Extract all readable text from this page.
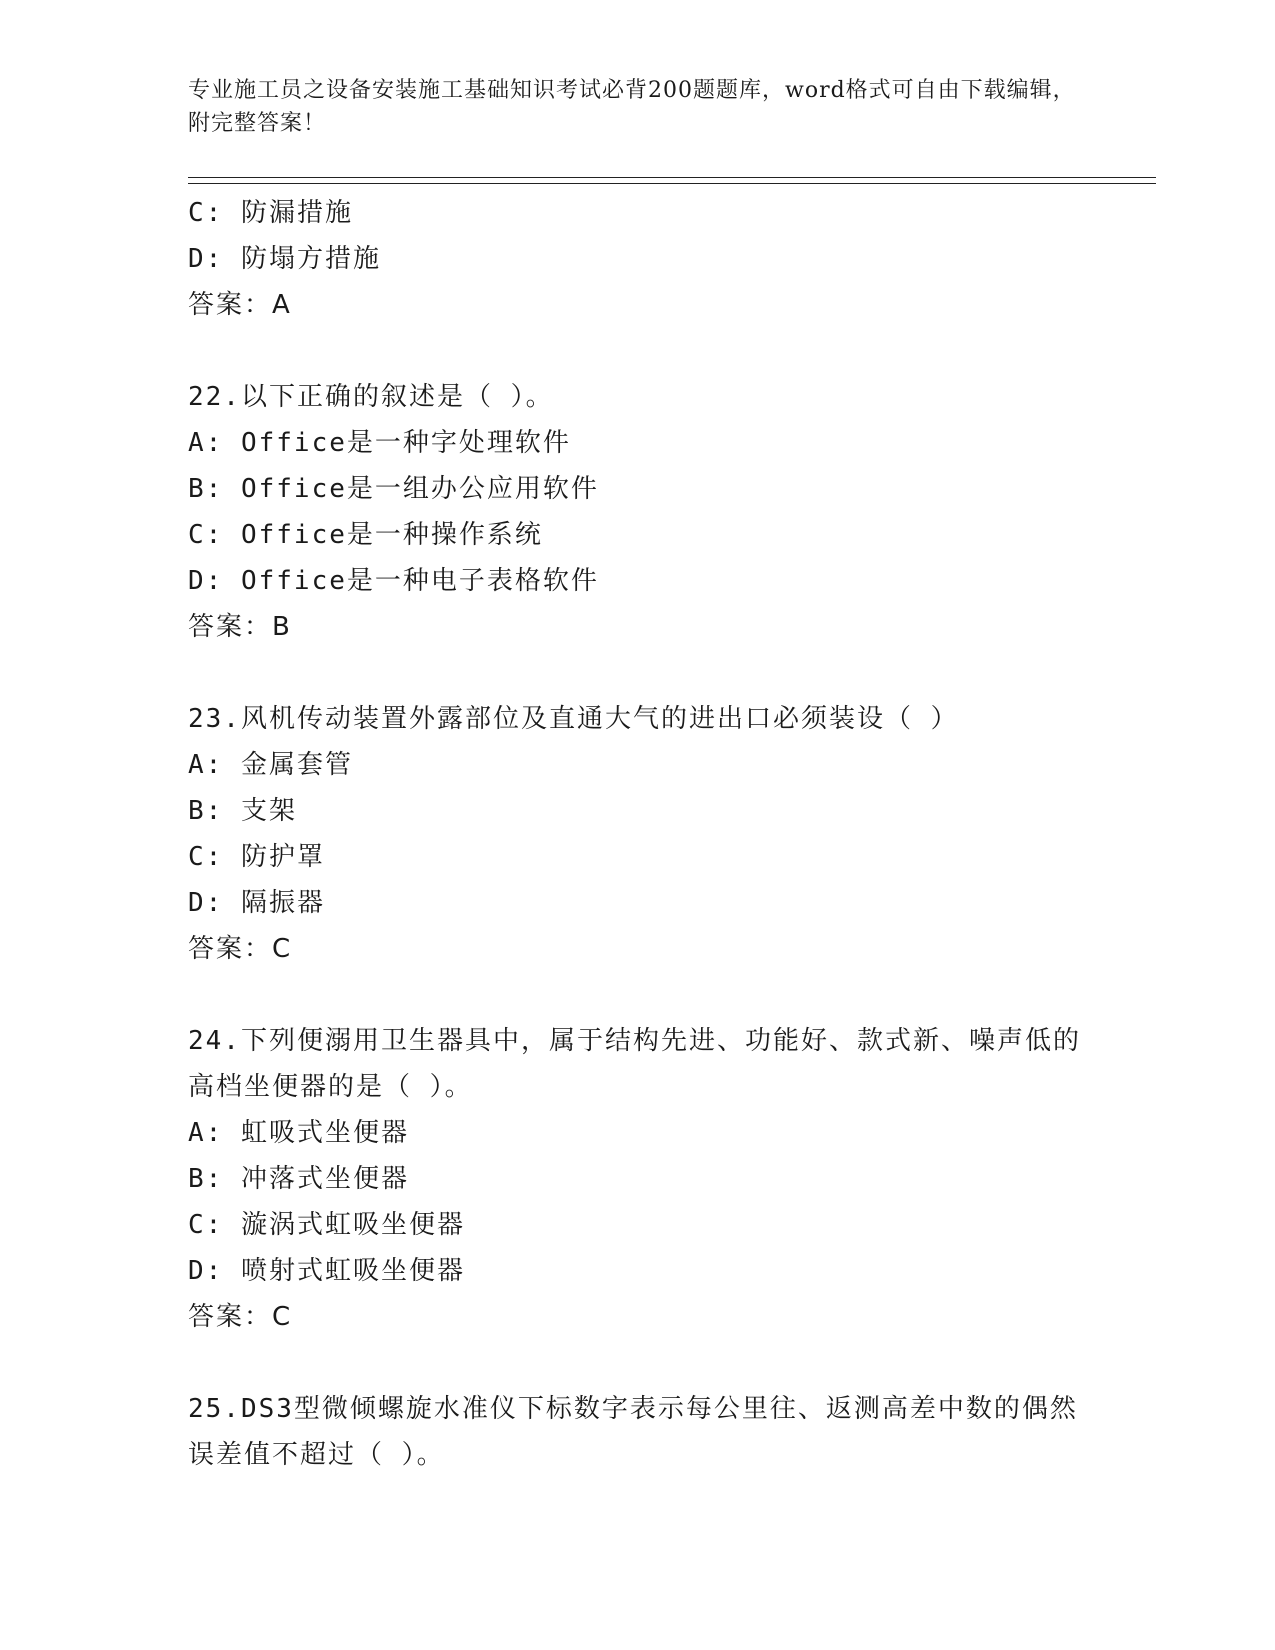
专业施工员之设备安装施工基础知识考试必背200题题库，word格式可自由下载编辑，附完整答案！
C: 防漏措施
D: 防塌方措施
答案：A
22.以下正确的叙述是（ ）。
A: Office是一种字处理软件
B: Office是一组办公应用软件
C: Office是一种操作系统
D: Office是一种电子表格软件
答案：B
23.风机传动装置外露部位及直通大气的进出口必须装设（ ）
A: 金属套管
B: 支架
C: 防护罩
D: 隔振器
答案：C
24.下列便溺用卫生器具中，属于结构先进、功能好、款式新、噪声低的高档坐便器的是（ ）。
A: 虹吸式坐便器
B: 冲落式坐便器
C: 漩涡式虹吸坐便器
D: 喷射式虹吸坐便器
答案：C
25.DS3型微倾螺旋水准仪下标数字表示每公里往、返测高差中数的偶然误差值不超过（ ）。
